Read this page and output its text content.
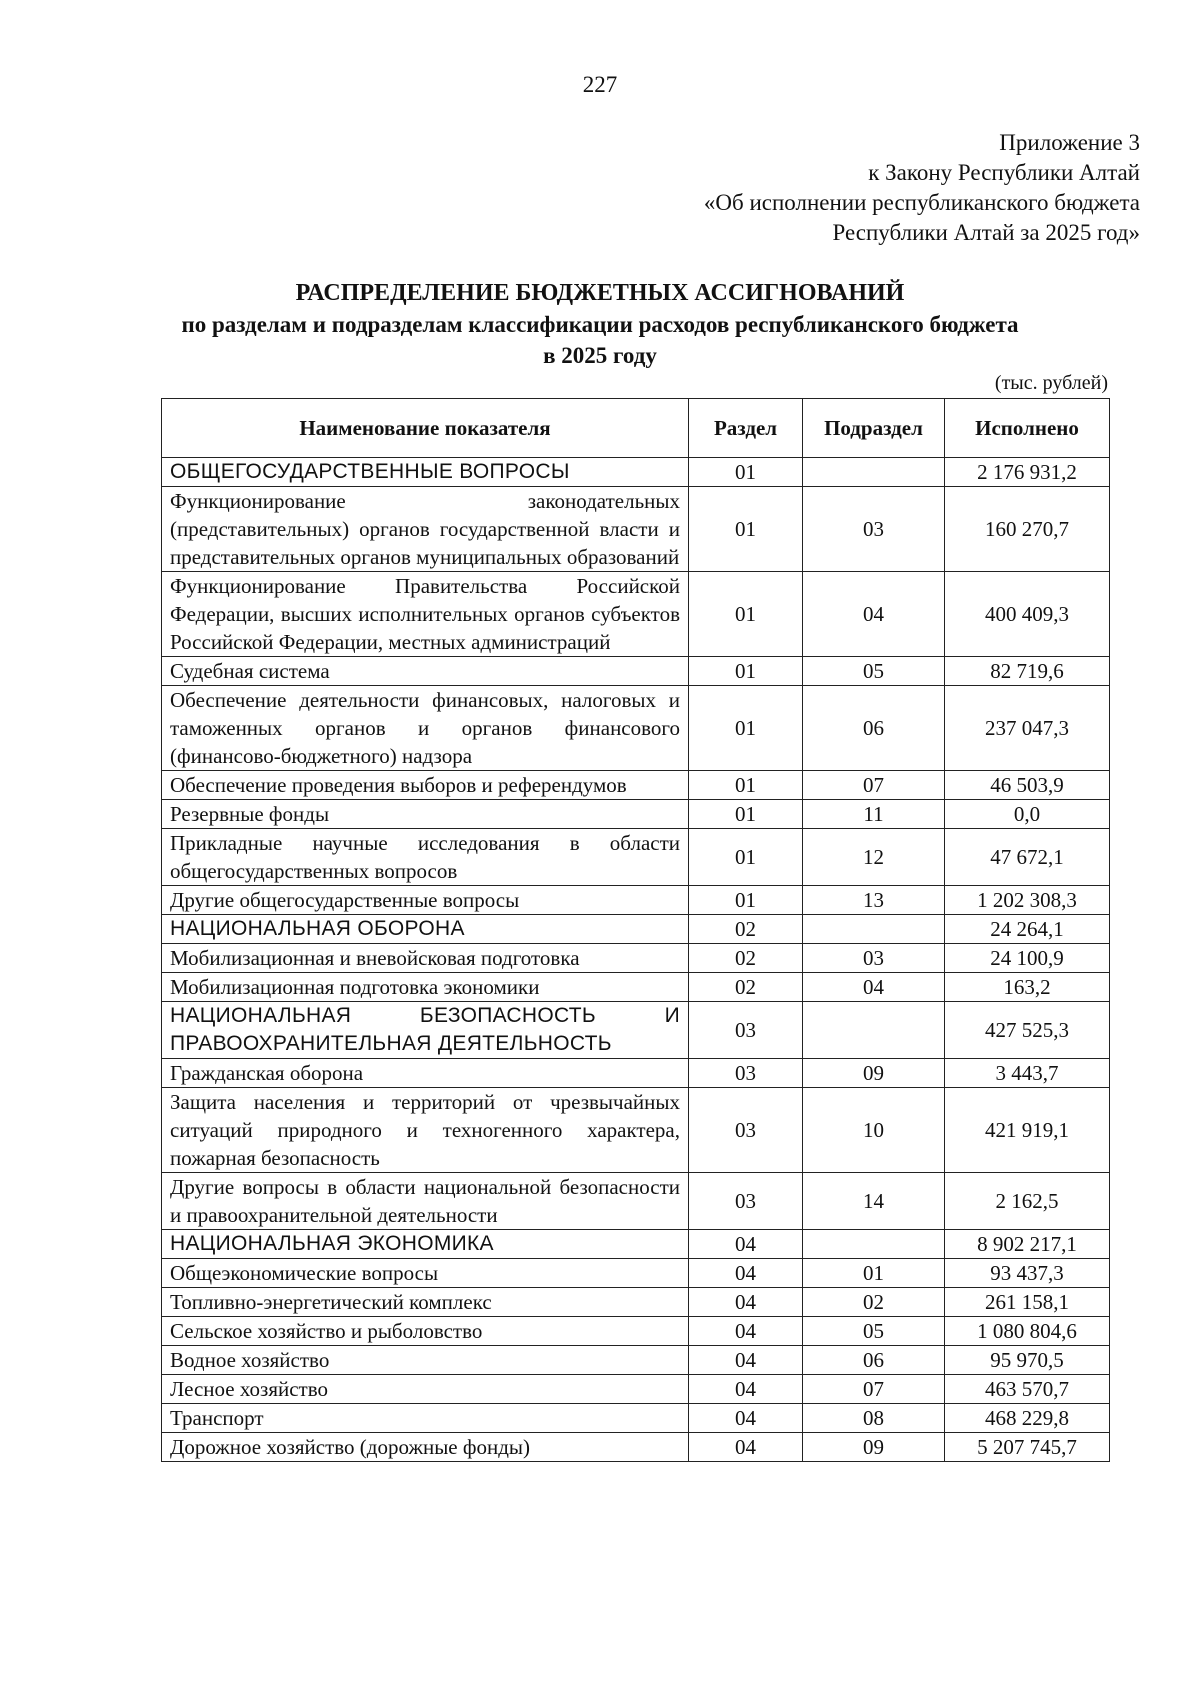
227
Приложение 3
к Закону Республики Алтай
«Об исполнении республиканского бюджета
Республики Алтай за 2025 год»
РАСПРЕДЕЛЕНИЕ БЮДЖЕТНЫХ АССИГНОВАНИЙ
по разделам и подразделам классификации расходов республиканского бюджета
в 2025 году
(тыс. рублей)
Наименование показателя	Раздел	Подраздел	Исполнено
ОБЩЕГОСУДАРСТВЕННЫЕ ВОПРОСЫ	01		2 176 931,2
Функционирование законодательных (представительных) органов государственной власти и представительных органов муниципальных образований	01	03	160 270,7
Функционирование Правительства Российской Федерации, высших исполнительных органов субъектов Российской Федерации, местных администраций	01	04	400 409,3
Судебная система	01	05	82 719,6
Обеспечение деятельности финансовых, налоговых и таможенных органов и органов финансового (финансово-бюджетного) надзора	01	06	237 047,3
Обеспечение проведения выборов и референдумов	01	07	46 503,9
Резервные фонды	01	11	0,0
Прикладные научные исследования в области общегосударственных вопросов	01	12	47 672,1
Другие общегосударственные вопросы	01	13	1 202 308,3
НАЦИОНАЛЬНАЯ ОБОРОНА	02		24 264,1
Мобилизационная и вневойсковая подготовка	02	03	24 100,9
Мобилизационная подготовка экономики	02	04	163,2
НАЦИОНАЛЬНАЯ БЕЗОПАСНОСТЬ И ПРАВООХРАНИТЕЛЬНАЯ ДЕЯТЕЛЬНОСТЬ	03		427 525,3
Гражданская оборона	03	09	3 443,7
Защита населения и территорий от чрезвычайных ситуаций природного и техногенного характера, пожарная безопасность	03	10	421 919,1
Другие вопросы в области национальной безопасности и правоохранительной деятельности	03	14	2 162,5
НАЦИОНАЛЬНАЯ ЭКОНОМИКА	04		8 902 217,1
Общеэкономические вопросы	04	01	93 437,3
Топливно-энергетический комплекс	04	02	261 158,1
Сельское хозяйство и рыболовство	04	05	1 080 804,6
Водное хозяйство	04	06	95 970,5
Лесное хозяйство	04	07	463 570,7
Транспорт	04	08	468 229,8
Дорожное хозяйство (дорожные фонды)	04	09	5 207 745,7
